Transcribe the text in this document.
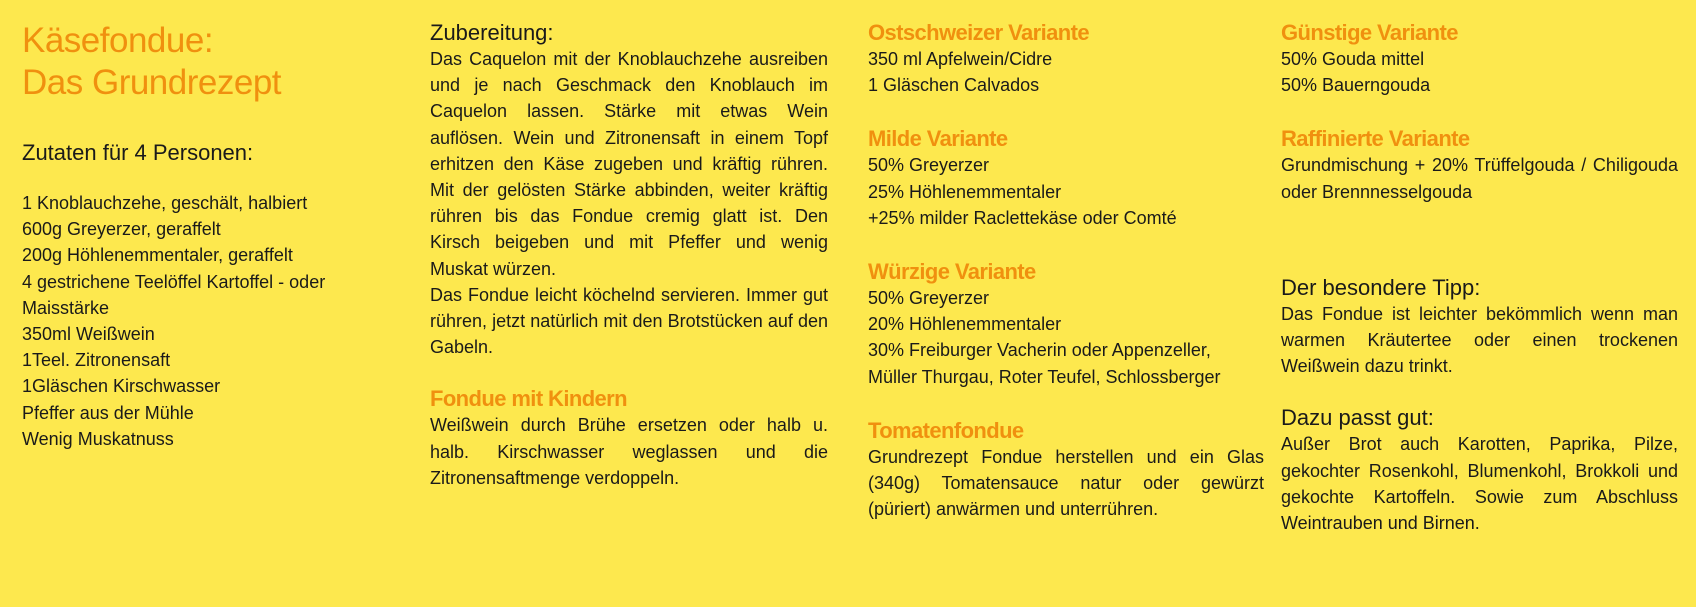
Käsefondue:
Das Grundrezept

Zutaten für 4 Personen:

1 Knoblauchzehe, geschält, halbiert
600g Greyerzer, geraffelt
200g Höhlenemmentaler, geraffelt
4 gestrichene Teelöffel Kartoffel - oder
Maisstärke
350ml Weißwein
1Teel. Zitronensaft
1Gläschen Kirschwasser
Pfeffer aus der Mühle
Wenig Muskatnuss
Zubereitung:

Das Caquelon mit der Knoblauchzehe ausreiben und je nach Geschmack den Knoblauch im Caquelon lassen. Stärke mit etwas Wein auflösen. Wein und Zitronensaft in einem Topf erhitzen den Käse zugeben und kräftig rühren. Mit der gelösten Stärke abbinden, weiter kräftig rühren bis das Fondue cremig glatt ist. Den Kirsch beigeben und mit Pfeffer und wenig Muskat würzen.

Das Fondue leicht köchelnd servieren. Immer gut rühren, jetzt natürlich mit den Brotstücken auf den Gabeln.

Fondue mit Kindern

Weißwein durch Brühe ersetzen oder halb u. halb. Kirschwasser weglassen und die Zitronensaftmenge verdoppeln.

Ostschweizer Variante
350 ml Apfelwein/Cidre
1 Gläschen Calvados
Milde Variante
50% Greyerzer
25% Höhlenemmentaler
+25% milder Raclettekäse oder Comté
Würzige Variante
50% Greyerzer
20% Höhlenemmentaler
30% Freiburger Vacherin oder Appenzeller,
Müller Thurgau, Roter Teufel, Schlossberger
Tomatenfondue

Grundrezept Fondue herstellen und ein Glas (340g) Tomatensauce natur oder gewürzt (püriert) anwärmen und unterrühren.

Günstige Variante
50% Gouda mittel
50% Bauerngouda
Raffinierte Variante

Grundmischung + 20% Trüffelgouda / Chiligouda oder Brennnesselgouda

Der besondere Tipp:

Das Fondue ist leichter bekömmlich wenn man warmen Kräutertee oder einen trockenen Weißwein dazu trinkt.

Dazu passt gut:

Außer Brot auch Karotten, Paprika, Pilze, gekochter Rosenkohl, Blumenkohl, Brokkoli und gekochte Kartoffeln. Sowie zum Abschluss Weintrauben und Birnen.
